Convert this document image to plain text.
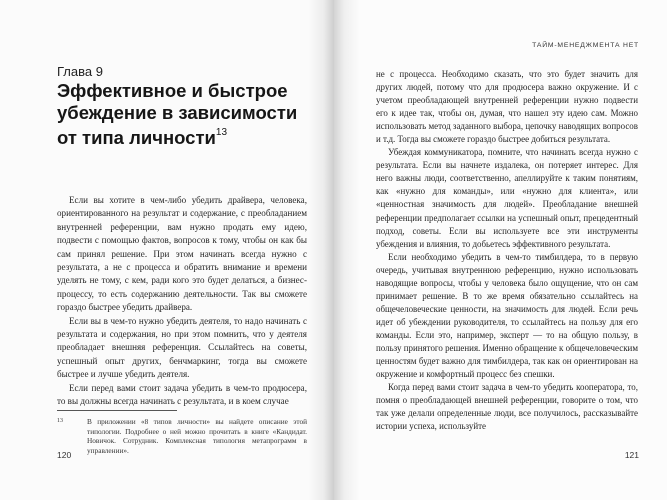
Глава 9
Эффективное и быстрое убеждение в зависимости от типа личности$^{13}$

Если вы хотите в чем-либо убедить драйвера, человека, ориентированного на результат и содержание, с преобладанием внутренней референции, вам нужно продать ему идею, подвести с помощью фактов, вопросов к тому, чтобы он как бы сам принял решение. При этом начинать всегда нужно с результата, а не с процесса и обратить внимание и времени уделять не тому, с кем, ради кого это будет делаться, а бизнес-процессу, то есть содержанию деятельности. Так вы сможете гораздо быстрее убедить драйвера.

Если вы в чем-то нужно убедить деятеля, то надо начинать с результата и содержания, но при этом помнить, что у деятеля преобладает внешняя референция. Ссылайтесь на советы, успешный опыт других, бенчмаркинг, тогда вы сможете быстрее и лучше убедить деятеля.

Если перед вами стоит задача убедить в чем-то продюсера, то вы должны всегда начинать с результата, и в коем случае

13	В приложении «8 типов личности» вы найдете описание этой типологии. Подробнее о ней можно прочитать в книге «Кандидат. Новичок. Сотрудник. Комплексная типология метапрограмм в управлении».
120
ТАЙМ-МЕНЕДЖМЕНТА НЕТ

не с процесса. Необходимо сказать, что это будет значить для других людей, потому что для продюсера важно окружение. И с учетом преобладающей внутренней референции нужно подвести его к идее так, чтобы он, думая, что нашел эту идею сам. Можно использовать метод заданного выбора, цепочку наводящих вопросов и т.д. Тогда вы сможете гораздо быстрее добиться результата.

Убеждая коммуникатора, помните, что начинать всегда нужно с результата. Если вы начнете издалека, он потеряет интерес. Для него важны люди, соответственно, апеллируйте к таким понятиям, как «нужно для команды», или «нужно для клиента», или «ценностная значимость для людей». Преобладание внешней референции предполагает ссылки на успешный опыт, прецедентный подход, советы. Если вы используете все эти инструменты убеждения и влияния, то добьетесь эффективного результата.

Если необходимо убедить в чем-то тимбилдера, то в первую очередь, учитывая внутреннюю референцию, нужно использовать наводящие вопросы, чтобы у человека было ощущение, что он сам принимает решение. В то же время обязательно ссылайтесь на общечеловеческие ценности, на значимость для людей. Если речь идет об убеждении руководителя, то ссылайтесь на пользу для его команды. Если это, например, эксперт — то на общую пользу, в пользу принятого решения. Именно обращение к общечеловеческим ценностям будет важно для тимбилдера, так как он ориентирован на окружение и комфортный процесс без спешки.

Когда перед вами стоит задача в чем-то убедить кооператора, то, помня о преобладающей внешней референции, говорите о том, что так уже делали определенные люди, все получилось, рассказывайте истории успеха, используйте

121
